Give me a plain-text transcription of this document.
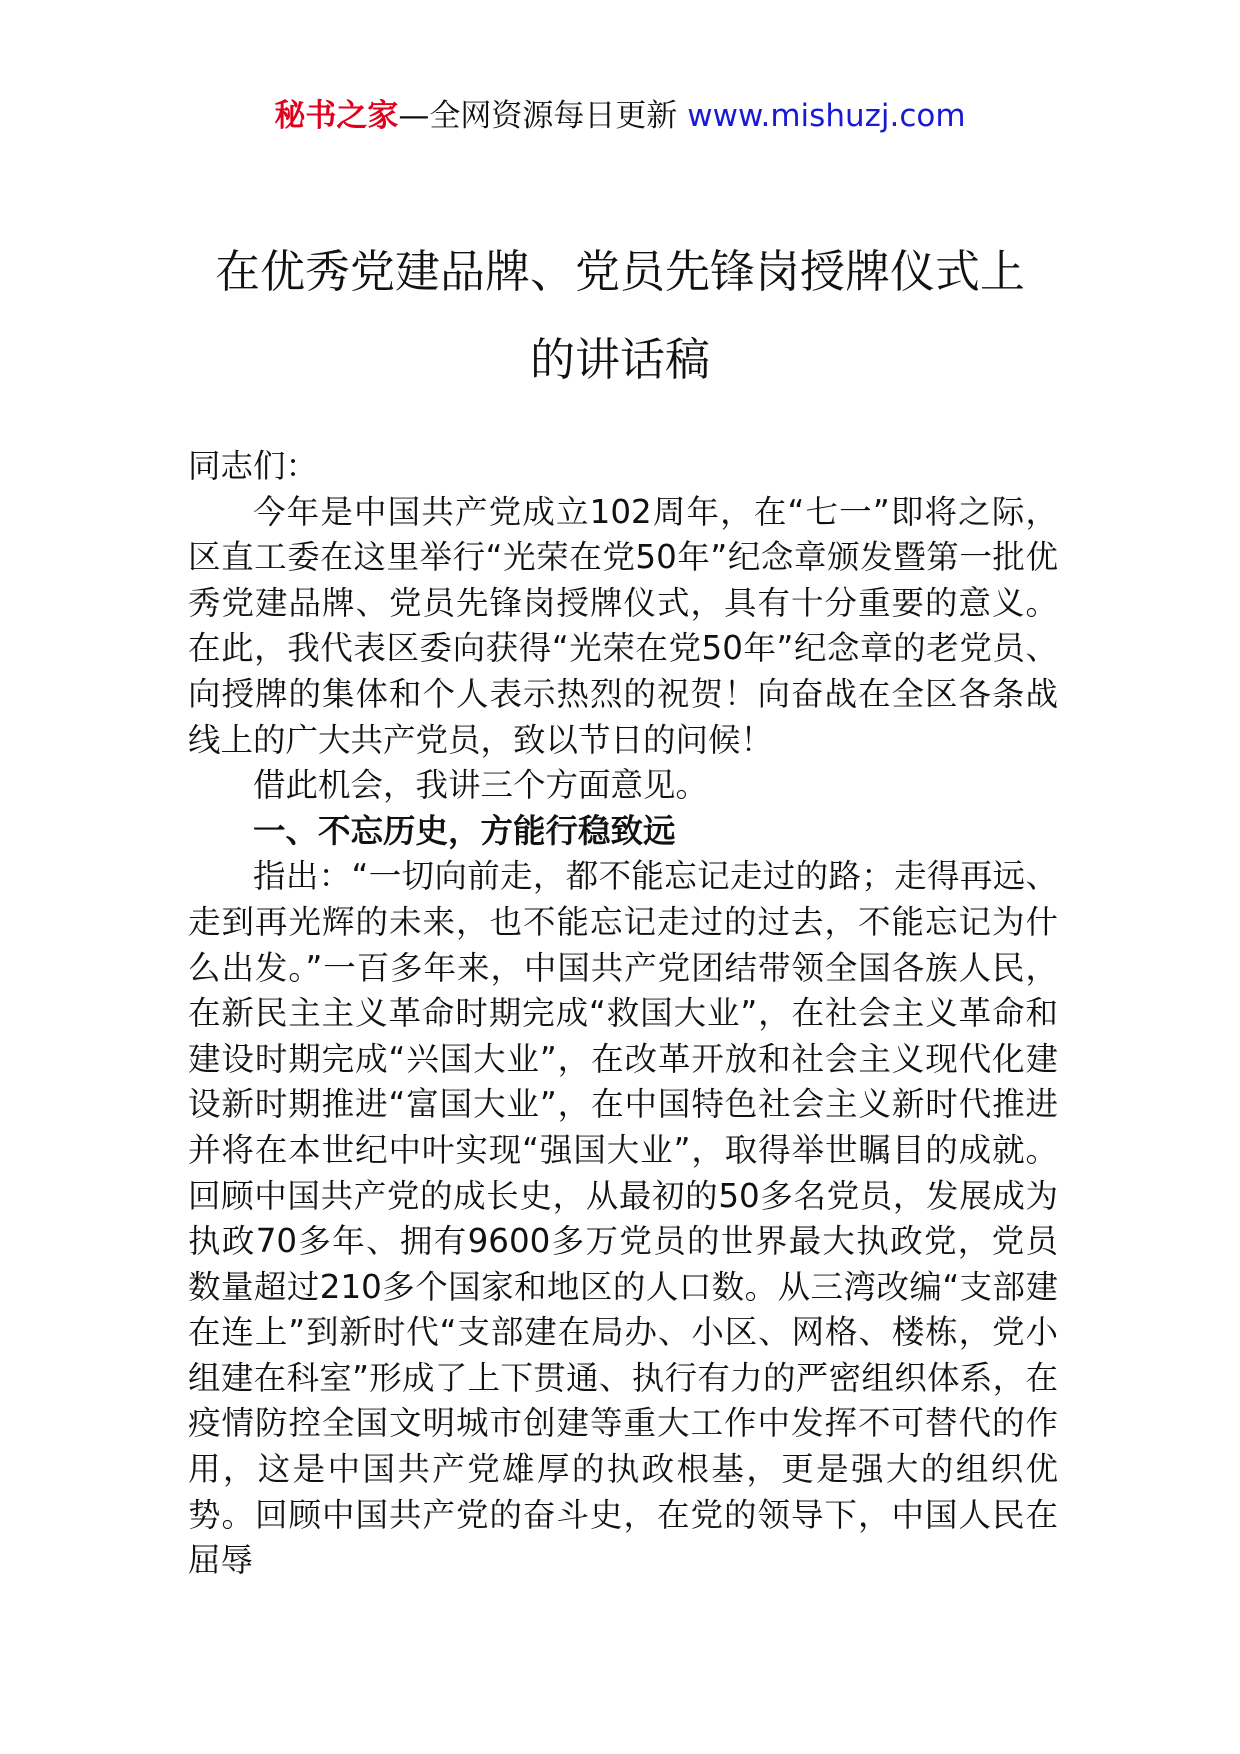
秘书之家—全网资源每日更新 www.mishuzj.com
在优秀党建品牌、党员先锋岗授牌仪式上
的讲话稿

同志们：

今年是中国共产党成立102周年，在“七一”即将之际，区直工委在这里举行“光荣在党50年”纪念章颁发暨第一批优秀党建品牌、党员先锋岗授牌仪式，具有十分重要的意义。在此，我代表区委向获得“光荣在党50年”纪念章的老党员、向授牌的集体和个人表示热烈的祝贺！向奋战在全区各条战线上的广大共产党员，致以节日的问候！

借此机会，我讲三个方面意见。

一、不忘历史，方能行稳致远

指出：“一切向前走，都不能忘记走过的路；走得再远、走到再光辉的未来，也不能忘记走过的过去，不能忘记为什么出发。”一百多年来，中国共产党团结带领全国各族人民，在新民主主义革命时期完成“救国大业”，在社会主义革命和建设时期完成“兴国大业”，在改革开放和社会主义现代化建设新时期推进“富国大业”，在中国特色社会主义新时代推进并将在本世纪中叶实现“强国大业”，取得举世瞩目的成就。回顾中国共产党的成长史，从最初的50多名党员，发展成为执政70多年、拥有9600多万党员的世界最大执政党，党员数量超过210多个国家和地区的人口数。从三湾改编“支部建在连上”到新时代“支部建在局办、小区、网格、楼栋，党小组建在科室”形成了上下贯通、执行有力的严密组织体系，在疫情防控全国文明城市创建等重大工作中发挥不可替代的作用，这是中国共产党雄厚的执政根基，更是强大的组织优势。回顾中国共产党的奋斗史，在党的领导下，中国人民在屈辱
